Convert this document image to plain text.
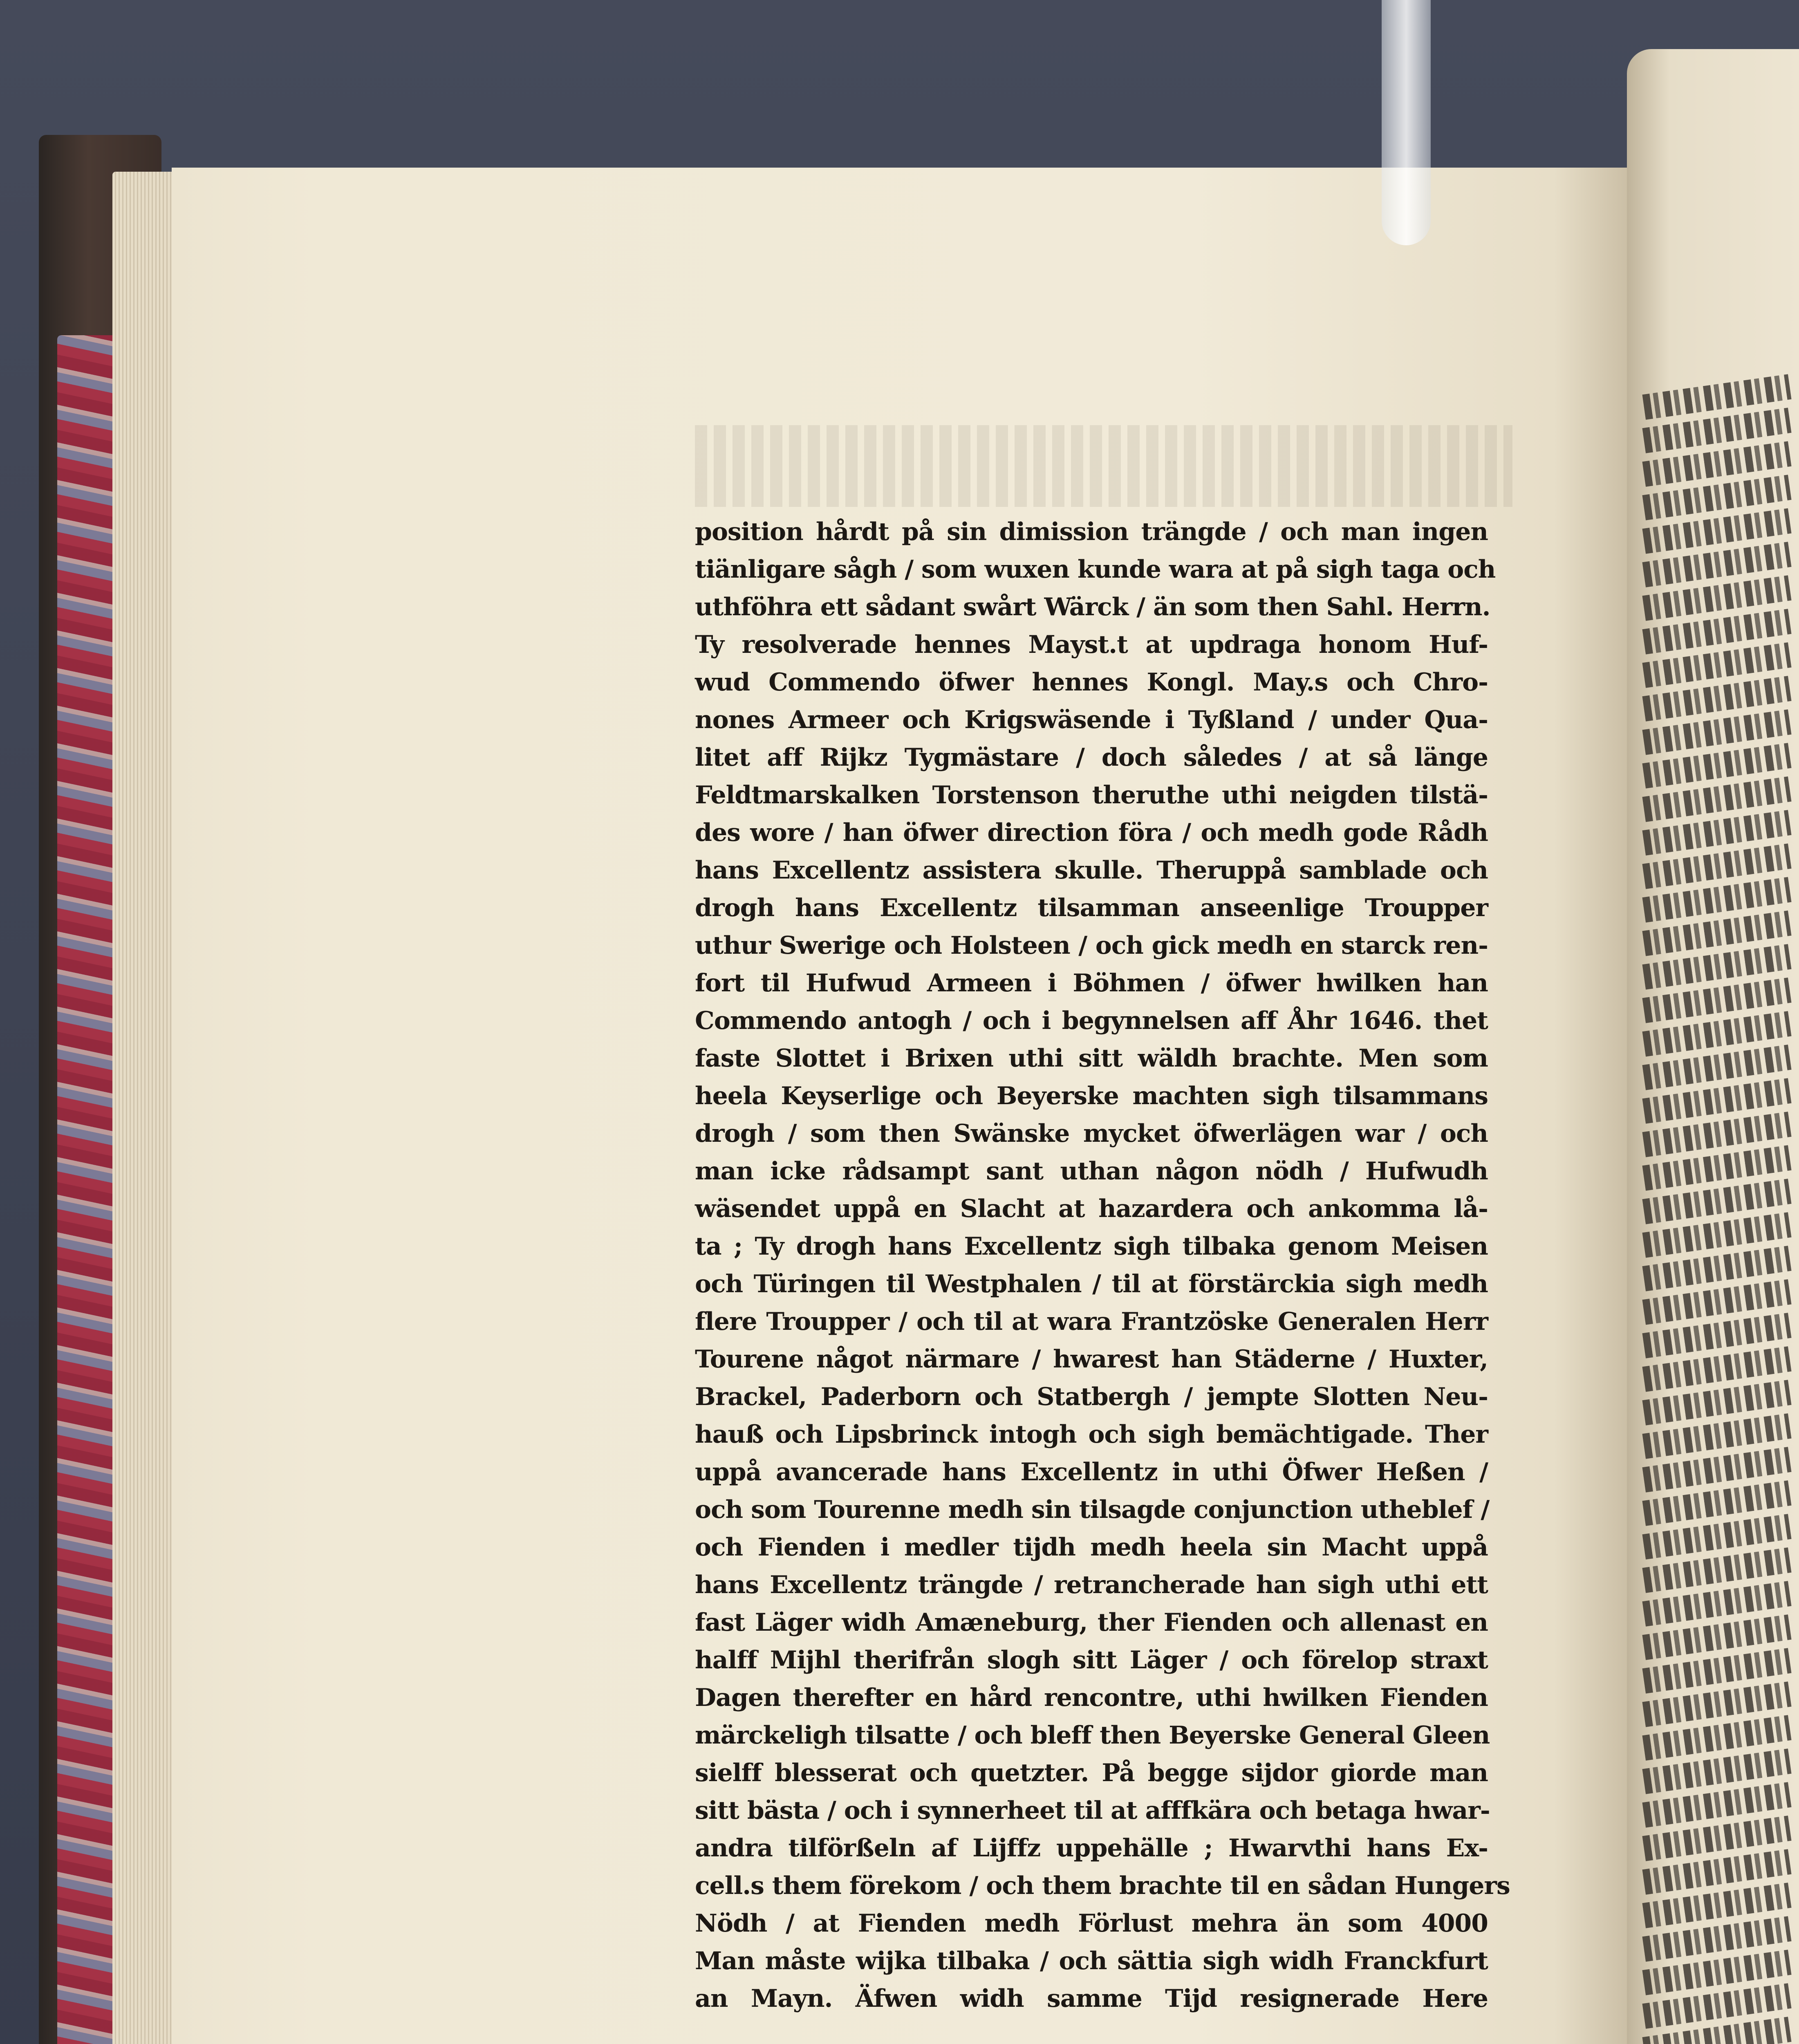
position hårdt på sin dimission trängde / och man ingen
tiänligare sågh / som wuxen kunde wara at på sigh taga och
uthföhra ett sådant swårt Wärck / än som then Sahl. Herrn.
Ty resolverade hennes Mayst.t at updraga honom Huf-
wud Commendo öfwer hennes Kongl. May.s och Chro-
nones Armeer och Krigswäsende i Tyßland / under Qua-
litet aff Rijkz Tygmästare / doch således / at så länge
Feldtmarskalken Torstenson theruthe uthi neigden tilstä-
des wore / han öfwer direction föra / och medh gode Rådh
hans Excellentz assistera skulle. Theruppå samblade och
drogh hans Excellentz tilsamman anseenlige Troupper
uthur Swerige och Holsteen / och gick medh en starck ren-
fort til Hufwud Armeen i Böhmen / öfwer hwilken han
Commendo antogh / och i begynnelsen aff Åhr 1646. thet
faste Slottet i Brixen uthi sitt wäldh brachte. Men som
heela Keyserlige och Beyerske machten sigh tilsammans
drogh / som then Swänske mycket öfwerlägen war / och
man icke rådsampt sant uthan någon nödh / Hufwudh
wäsendet uppå en Slacht at hazardera och ankomma lå-
ta ; Ty drogh hans Excellentz sigh tilbaka genom Meisen
och Türingen til Westphalen / til at förstärckia sigh medh
flere Troupper / och til at wara Frantzöske Generalen Herr
Tourene något närmare / hwarest han Städerne / Huxter,
Brackel, Paderborn och Statbergh / jempte Slotten Neu-
hauß och Lipsbrinck intogh och sigh bemächtigade. Ther
uppå avancerade hans Excellentz in uthi Öfwer Heßen /
och som Tourenne medh sin tilsagde conjunction utheblef /
och Fienden i medler tijdh medh heela sin Macht uppå
hans Excellentz trängde / retrancherade han sigh uthi ett
fast Läger widh Amæneburg, ther Fienden och allenast en
halff Mijhl therifrån slogh sitt Läger / och förelop straxt
Dagen therefter en hård rencontre, uthi hwilken Fienden
märckeligh tilsatte / och bleff then Beyerske General Gleen
sielff blesserat och quetzter. På begge sijdor giorde man
sitt bästa / och i synnerheet til at afffkära och betaga hwar-
andra tilförßeln af Lijffz uppehälle ; Hwarvthi hans Ex-
cell.s them förekom / och them brachte til en sådan Hungers
Nödh / at Fienden medh Förlust mehra än som 4000
Man måste wijka tilbaka / och sättia sigh widh Franckfurt
an Mayn. Äfwen widh samme Tijd resignerade Here
